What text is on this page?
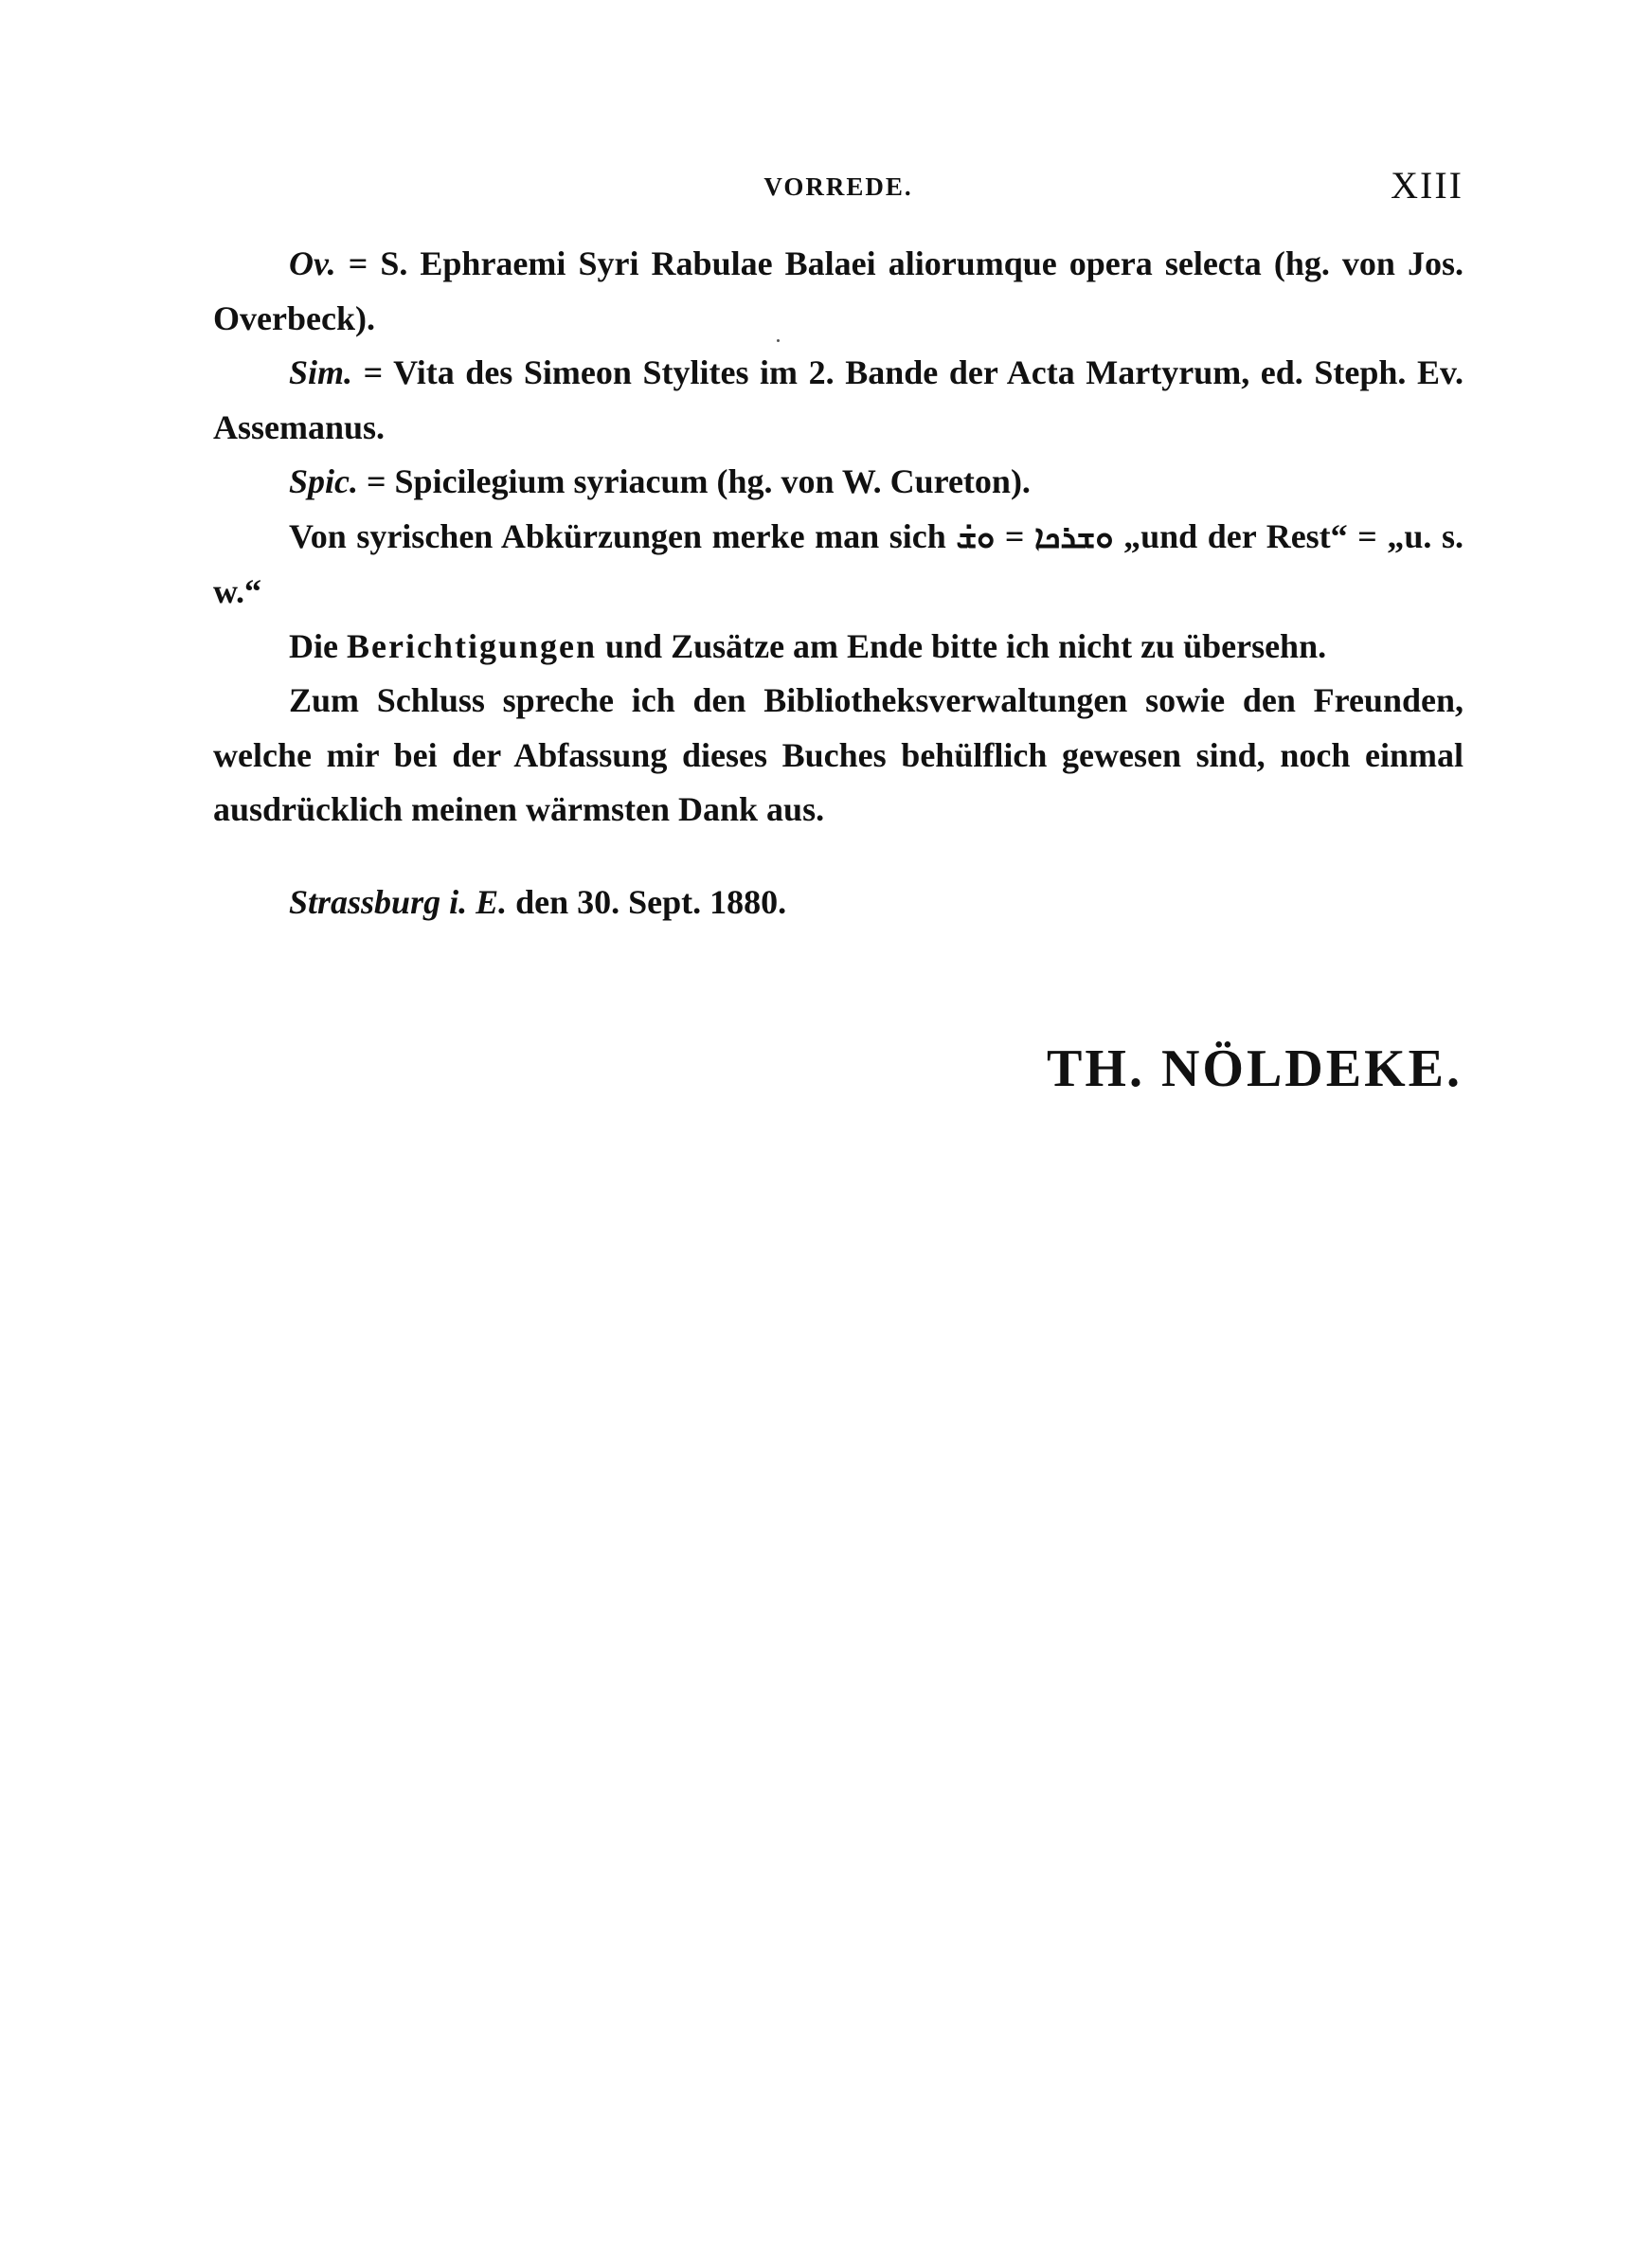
VORREDE.	XIII

Ov. = S. Ephraemi Syri Rabulae Balaei aliorumque opera selecta (hg. von Jos. Overbeck).

Sim. = Vita des Simeon Stylites im 2. Bande der Acta Martyrum, ed. Steph. Ev. Assemanus.

Spic. = Spicilegium syriacum (hg. von W. Cureton).

Von syrischen Abkürzungen merke man sich ܘܫ̇ = ܘܫܪܟܐ „und der Rest“ = „u. s. w.“

Die Berichtigungen und Zusätze am Ende bitte ich nicht zu übersehn.

Zum Schluss spreche ich den Bibliotheksverwaltungen sowie den Freunden, welche mir bei der Abfassung dieses Buches behülflich gewesen sind, noch einmal ausdrücklich meinen wärmsten Dank aus.

Strassburg i. E. den 30. Sept. 1880.

TH. NÖLDEKE.
